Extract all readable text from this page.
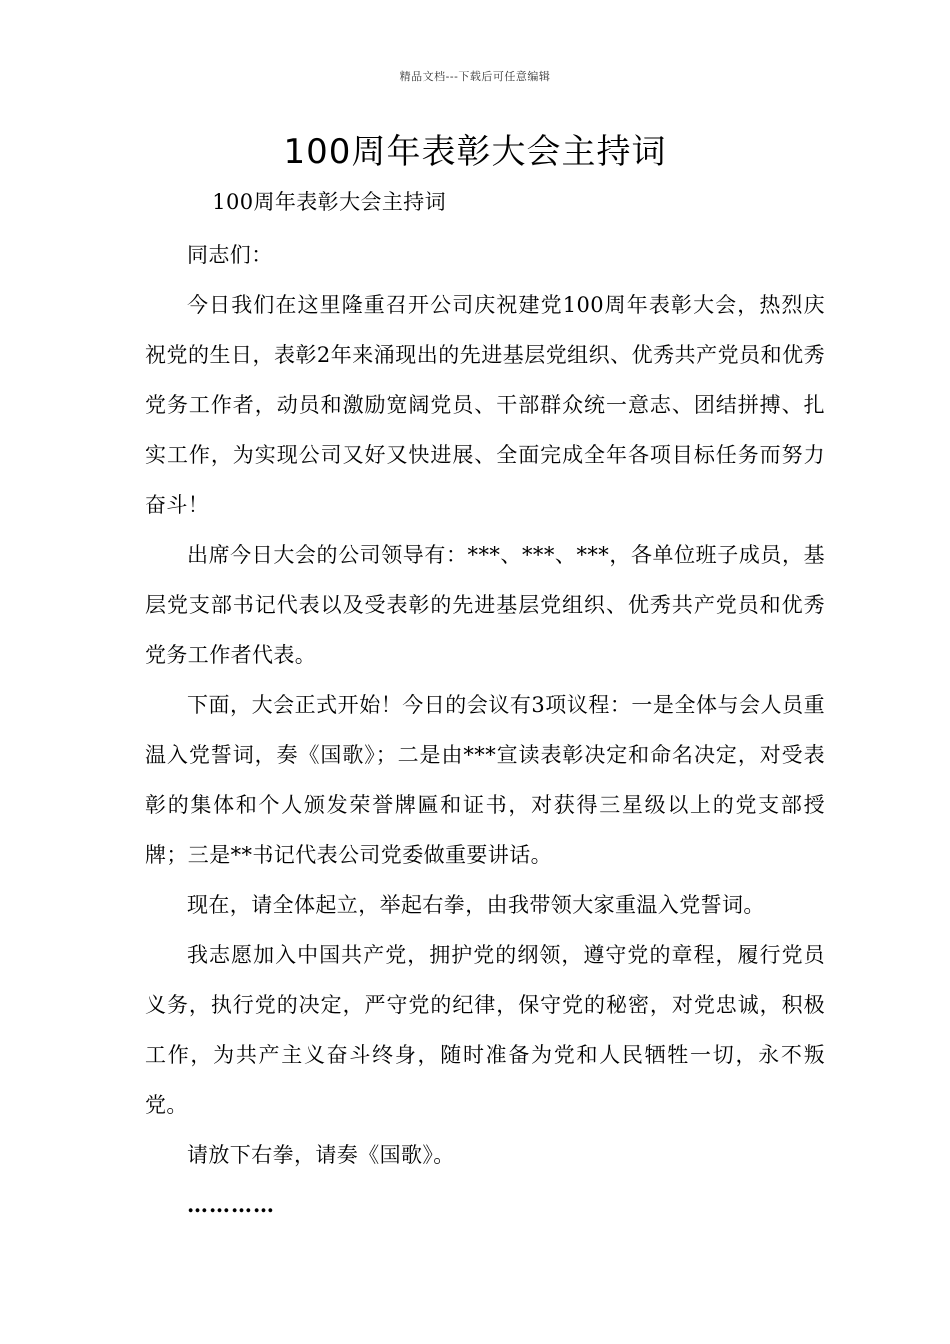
精品文档---下载后可任意编辑
100周年表彰大会主持词

100周年表彰大会主持词

同志们：

今日我们在这里隆重召开公司庆祝建党100周年表彰大会，热烈庆祝党的生日，表彰2年来涌现出的先进基层党组织、优秀共产党员和优秀党务工作者，动员和激励宽阔党员、干部群众统一意志、团结拼搏、扎实工作，为实现公司又好又快进展、全面完成全年各项目标任务而努力奋斗！

出席今日大会的公司领导有：***、***、***，各单位班子成员，基层党支部书记代表以及受表彰的先进基层党组织、优秀共产党员和优秀党务工作者代表。

下面，大会正式开始！今日的会议有3项议程：一是全体与会人员重温入党誓词，奏《国歌》；二是由***宣读表彰决定和命名决定，对受表彰的集体和个人颁发荣誉牌匾和证书，对获得三星级以上的党支部授牌；三是**书记代表公司党委做重要讲话。

现在，请全体起立，举起右拳，由我带领大家重温入党誓词。

我志愿加入中国共产党，拥护党的纲领，遵守党的章程，履行党员义务，执行党的决定，严守党的纪律，保守党的秘密，对党忠诚，积极工作，为共产主义奋斗终身，随时准备为党和人民牺牲一切，永不叛党。

请放下右拳，请奏《国歌》。

…………
